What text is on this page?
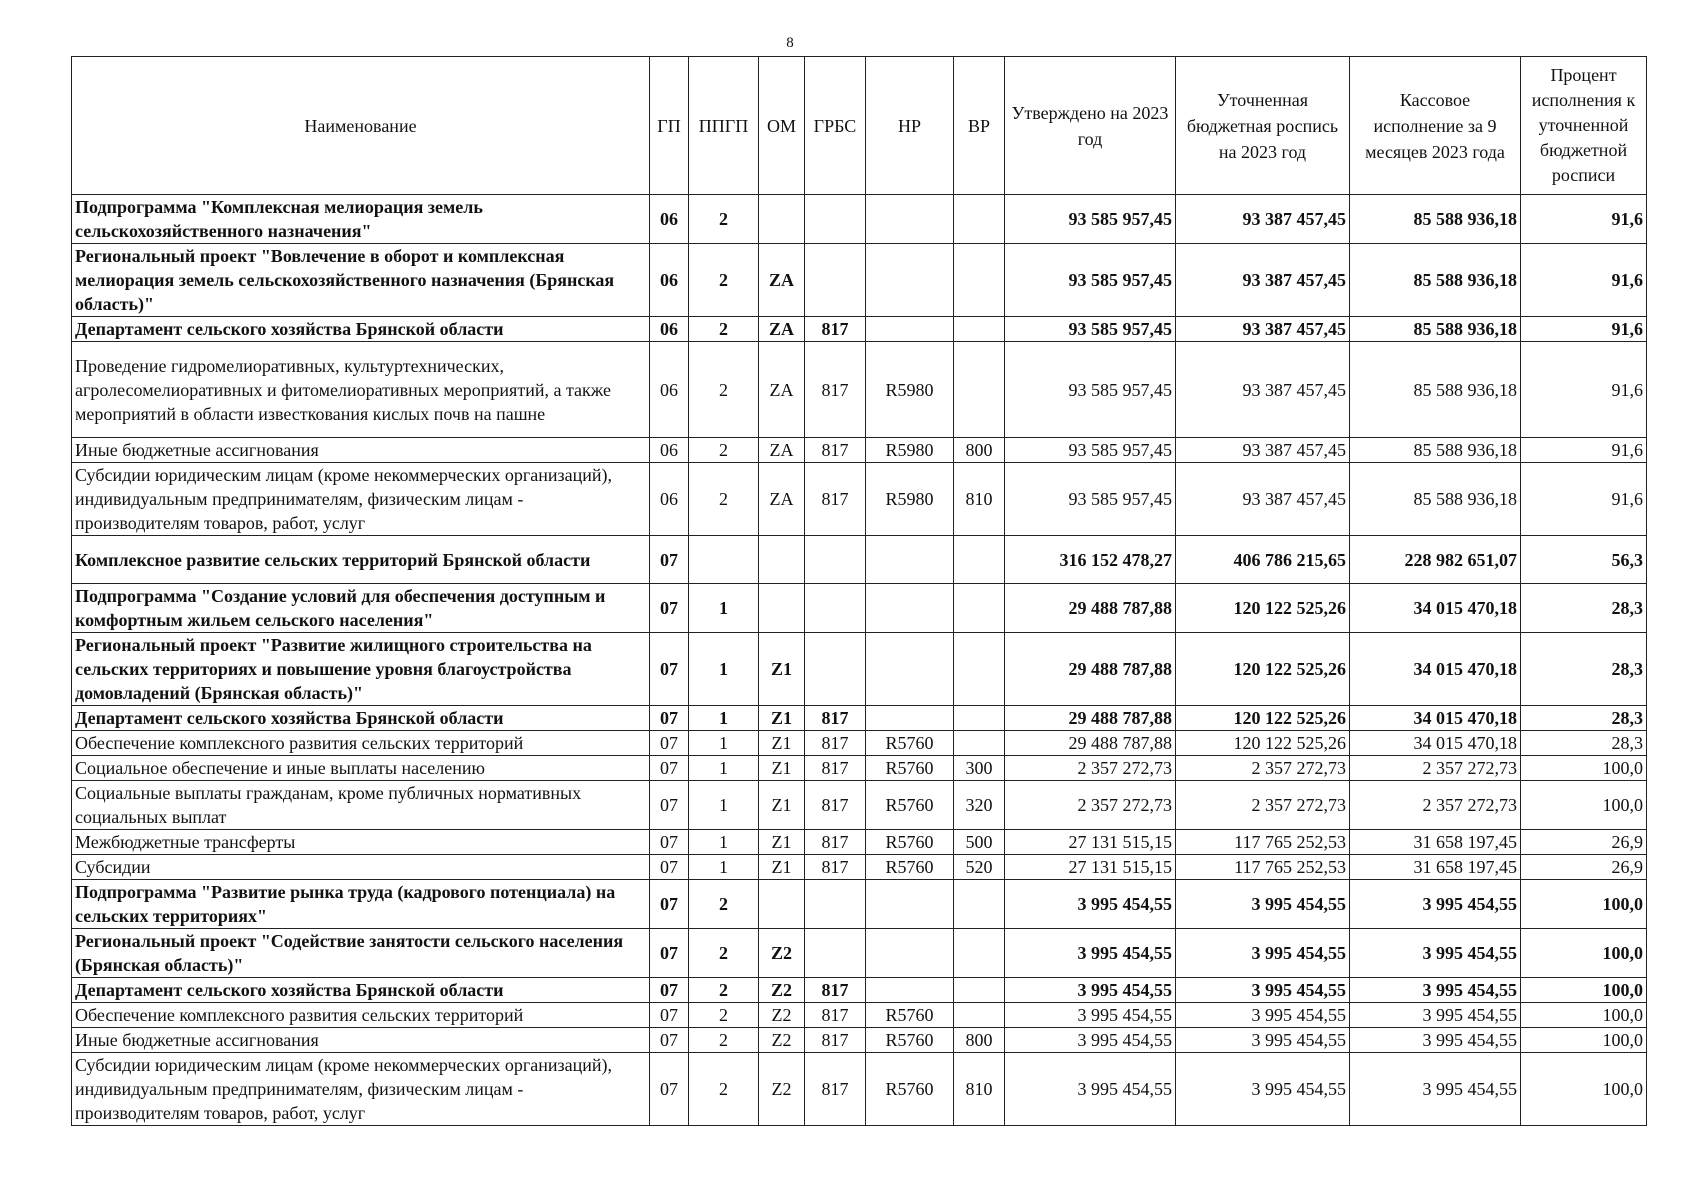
8
Наименование	ГП	ППГП	ОМ	ГРБС	НР	ВР	Утверждено на 2023 год	Уточненная бюджетная роспись на 2023 год	Кассовое исполнение за 9 месяцев 2023 года	Процент исполнения к уточненной бюджетной росписи
Подпрограмма "Комплексная мелиорация земель сельскохозяйственного назначения"	06	2					93 585 957,45	93 387 457,45	85 588 936,18	91,6
Региональный проект "Вовлечение в оборот и комплексная мелиорация земель сельскохозяйственного назначения (Брянская область)"	06	2	ZA				93 585 957,45	93 387 457,45	85 588 936,18	91,6
Департамент сельского хозяйства Брянской области	06	2	ZA	817			93 585 957,45	93 387 457,45	85 588 936,18	91,6
Проведение гидромелиоративных, культуртехнических, агролесомелиоративных и фитомелиоративных мероприятий, а также мероприятий в области известкования кислых почв на пашне	06	2	ZA	817	R5980		93 585 957,45	93 387 457,45	85 588 936,18	91,6
Иные бюджетные ассигнования	06	2	ZA	817	R5980	800	93 585 957,45	93 387 457,45	85 588 936,18	91,6
Субсидии юридическим лицам (кроме некоммерческих организаций), индивидуальным предпринимателям, физическим лицам - производителям товаров, работ, услуг	06	2	ZA	817	R5980	810	93 585 957,45	93 387 457,45	85 588 936,18	91,6
Комплексное развитие сельских территорий Брянской области	07						316 152 478,27	406 786 215,65	228 982 651,07	56,3
Подпрограмма "Создание условий для обеспечения доступным и комфортным жильем сельского населения"	07	1					29 488 787,88	120 122 525,26	34 015 470,18	28,3
Региональный проект "Развитие жилищного строительства на сельских территориях и повышение уровня благоустройства домовладений (Брянская область)"	07	1	Z1				29 488 787,88	120 122 525,26	34 015 470,18	28,3
Департамент сельского хозяйства Брянской области	07	1	Z1	817			29 488 787,88	120 122 525,26	34 015 470,18	28,3
Обеспечение комплексного развития сельских территорий	07	1	Z1	817	R5760		29 488 787,88	120 122 525,26	34 015 470,18	28,3
Социальное обеспечение и иные выплаты населению	07	1	Z1	817	R5760	300	2 357 272,73	2 357 272,73	2 357 272,73	100,0
Социальные выплаты гражданам, кроме публичных нормативных социальных выплат	07	1	Z1	817	R5760	320	2 357 272,73	2 357 272,73	2 357 272,73	100,0
Межбюджетные трансферты	07	1	Z1	817	R5760	500	27 131 515,15	117 765 252,53	31 658 197,45	26,9
Субсидии	07	1	Z1	817	R5760	520	27 131 515,15	117 765 252,53	31 658 197,45	26,9
Подпрограмма "Развитие рынка труда (кадрового потенциала) на сельских территориях"	07	2					3 995 454,55	3 995 454,55	3 995 454,55	100,0
Региональный проект "Содействие занятости сельского населения (Брянская область)"	07	2	Z2				3 995 454,55	3 995 454,55	3 995 454,55	100,0
Департамент сельского хозяйства Брянской области	07	2	Z2	817			3 995 454,55	3 995 454,55	3 995 454,55	100,0
Обеспечение комплексного развития сельских территорий	07	2	Z2	817	R5760		3 995 454,55	3 995 454,55	3 995 454,55	100,0
Иные бюджетные ассигнования	07	2	Z2	817	R5760	800	3 995 454,55	3 995 454,55	3 995 454,55	100,0
Субсидии юридическим лицам (кроме некоммерческих организаций), индивидуальным предпринимателям, физическим лицам - производителям товаров, работ, услуг	07	2	Z2	817	R5760	810	3 995 454,55	3 995 454,55	3 995 454,55	100,0
